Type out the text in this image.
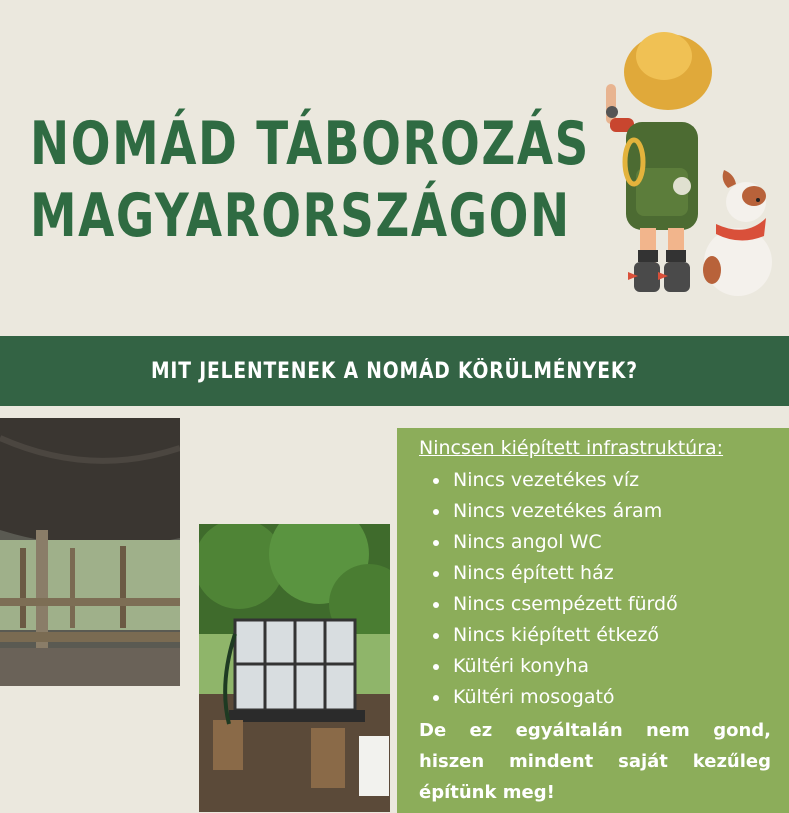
NOMÁD TÁBOROZÁS
MAGYARORSZÁGON
MIT JELENTENEK A NOMÁD KÖRÜLMÉNYEK?
Nincsen kiépített infrastruktúra:
Nincs vezetékes víz
Nincs vezetékes áram
Nincs angol WC
Nincs épített ház
Nincs csempézett fürdő
Nincs kiépített étkező
Kültéri konyha
Kültéri mosogató

De ez egyáltalán nem gond, hiszen mindent saját kezűleg építünk meg!
